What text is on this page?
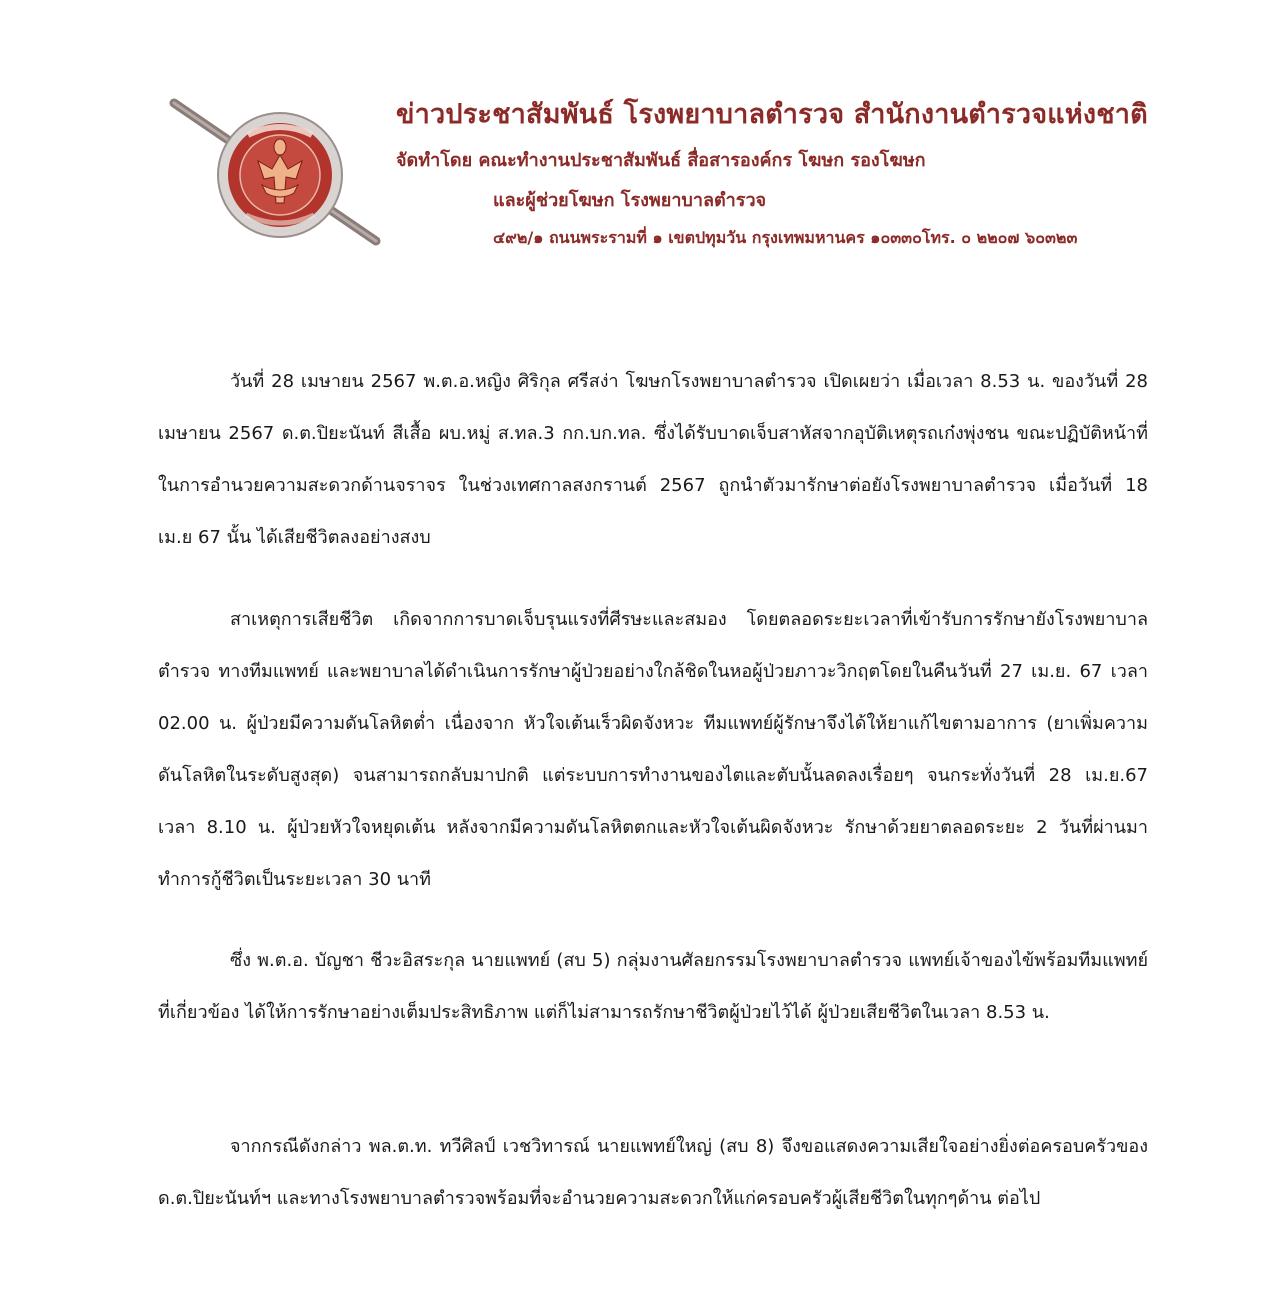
ข่าวประชาสัมพันธ์ โรงพยาบาลตำรวจ สำนักงานตำรวจแห่งชาติ
จัดทำโดย คณะทำงานประชาสัมพันธ์ สื่อสารองค์กร โฆษก รองโฆษก
และผู้ช่วยโฆษก โรงพยาบาลตำรวจ
๔๙๒/๑ ถนนพระรามที่ ๑ เขตปทุมวัน กรุงเทพมหานคร ๑๐๓๓๐โทร. ๐ ๒๒๐๗ ๖๐๓๒๓
วันที่ 28 เมษายน 2567 พ.ต.อ.หญิง ศิริกุล ศรีสง่า โฆษกโรงพยาบาลตำรวจ เปิดเผยว่า เมื่อเวลา 8.53 น. ของวันที่ 28 เมษายน 2567 ด.ต.ปิยะนันท์ สีเสื้อ ผบ.หมู่ ส.ทล.3 กก.บก.ทล. ซึ่งได้รับบาดเจ็บสาหัสจากอุบัติเหตุรถเก๋งพุ่งชน ขณะปฏิบัติหน้าที่ในการอำนวยความสะดวกด้านจราจร ในช่วงเทศกาลสงกรานต์ 2567 ถูกนำตัวมารักษาต่อยังโรงพยาบาลตำรวจ เมื่อวันที่ 18 เม.ย 67 นั้น ได้เสียชีวิตลงอย่างสงบ
สาเหตุการเสียชีวิต เกิดจากการบาดเจ็บรุนแรงที่ศีรษะและสมอง โดยตลอดระยะเวลาที่เข้ารับการรักษายังโรงพยาบาลตำรวจ ทางทีมแพทย์ และพยาบาลได้ดำเนินการรักษาผู้ป่วยอย่างใกล้ชิดในหอผู้ป่วยภาวะวิกฤตโดยในคืนวันที่ 27 เม.ย. 67 เวลา 02.00 น. ผู้ป่วยมีความดันโลหิตต่ำ เนื่องจาก หัวใจเต้นเร็วผิดจังหวะ ทีมแพทย์ผู้รักษาจึงได้ให้ยาแก้ไขตามอาการ (ยาเพิ่มความดันโลหิตในระดับสูงสุด) จนสามารถกลับมาปกติ แต่ระบบการทำงานของไตและตับนั้นลดลงเรื่อยๆ จนกระทั่งวันที่ 28 เม.ย.67 เวลา 8.10 น. ผู้ป่วยหัวใจหยุดเต้น หลังจากมีความดันโลหิตตกและหัวใจเต้นผิดจังหวะ รักษาด้วยยาตลอดระยะ 2 วันที่ผ่านมา ทำการกู้ชีวิตเป็นระยะเวลา 30 นาที
ซึ่ง พ.ต.อ. บัญชา ชีวะอิสระกุล นายแพทย์ (สบ 5) กลุ่มงานศัลยกรรมโรงพยาบาลตำรวจ แพทย์เจ้าของไข้พร้อมทีมแพทย์ที่เกี่ยวข้อง ได้ให้การรักษาอย่างเต็มประสิทธิภาพ แต่ก็ไม่สามารถรักษาชีวิตผู้ป่วยไว้ได้ ผู้ป่วยเสียชีวิตในเวลา 8.53 น.
จากกรณีดังกล่าว พล.ต.ท. ทวีศิลป์ เวชวิทารณ์ นายแพทย์ใหญ่ (สบ 8) จึงขอแสดงความเสียใจอย่างยิ่งต่อครอบครัวของ ด.ต.ปิยะนันท์ฯ และทางโรงพยาบาลตำรวจพร้อมที่จะอำนวยความสะดวกให้แก่ครอบครัวผู้เสียชีวิตในทุกๆด้าน ต่อไป
